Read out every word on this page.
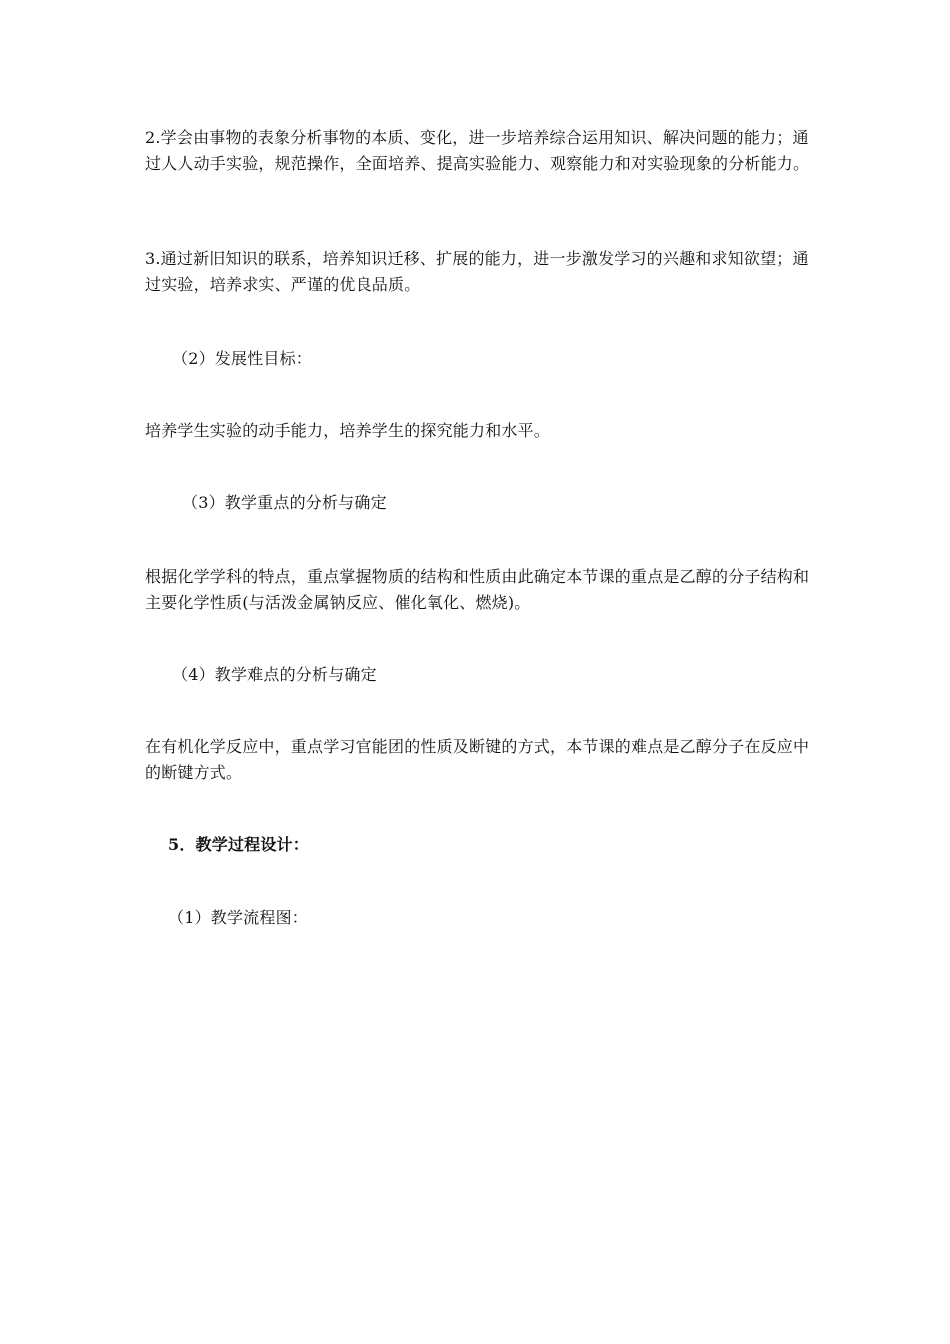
2.学会由事物的表象分析事物的本质、变化，进一步培养综合运用知识、解决问题的能力；通过人人动手实验，规范操作，全面培养、提高实验能力、观察能力和对实验现象的分析能力。

3.通过新旧知识的联系，培养知识迁移、扩展的能力，进一步激发学习的兴趣和求知欲望；通过实验，培养求实、严谨的优良品质。

（2）发展性目标：

培养学生实验的动手能力，培养学生的探究能力和水平。

（3）教学重点的分析与确定

根据化学学科的特点，重点掌握物质的结构和性质由此确定本节课的重点是乙醇的分子结构和主要化学性质(与活泼金属钠反应、催化氧化、燃烧)。

（4）教学难点的分析与确定

在有机化学反应中，重点学习官能团的性质及断键的方式，本节课的难点是乙醇分子在反应中的断键方式。

5．教学过程设计：

（1）教学流程图：
